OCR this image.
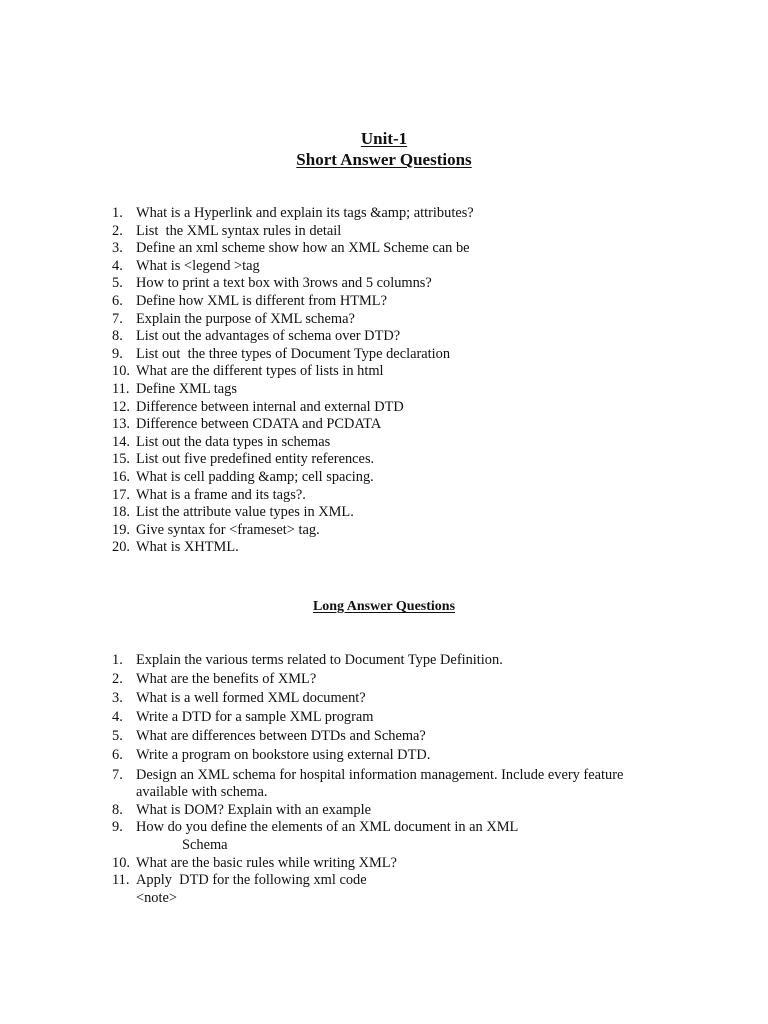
Unit-1
Short Answer Questions
1. What is a Hyperlink and explain its tags &amp; attributes?
2. List  the XML syntax rules in detail
3. Define an xml scheme show how an XML Scheme can be
4. What is <legend >tag
5. How to print a text box with 3rows and 5 columns?
6. Define how XML is different from HTML?
7. Explain the purpose of XML schema?
8. List out the advantages of schema over DTD?
9. List out  the three types of Document Type declaration
10. What are the different types of lists in html
11. Define XML tags
12. Difference between internal and external DTD
13. Difference between CDATA and PCDATA
14. List out the data types in schemas
15. List out five predefined entity references.
16. What is cell padding &amp; cell spacing.
17. What is a frame and its tags?.
18. List the attribute value types in XML.
19. Give syntax for <frameset> tag.
20. What is XHTML.
Long Answer Questions
1. Explain the various terms related to Document Type Definition.
2. What are the benefits of XML?
3. What is a well formed XML document?
4. Write a DTD for a sample XML program
5. What are differences between DTDs and Schema?
6. Write a program on bookstore using external DTD.
7. Design an XML schema for hospital information management. Include every feature
available with schema.
8. What is DOM? Explain with an example
9. How do you define the elements of an XML document in an XML
Schema
10. What are the basic rules while writing XML?
11. Apply  DTD for the following xml code
<note>
